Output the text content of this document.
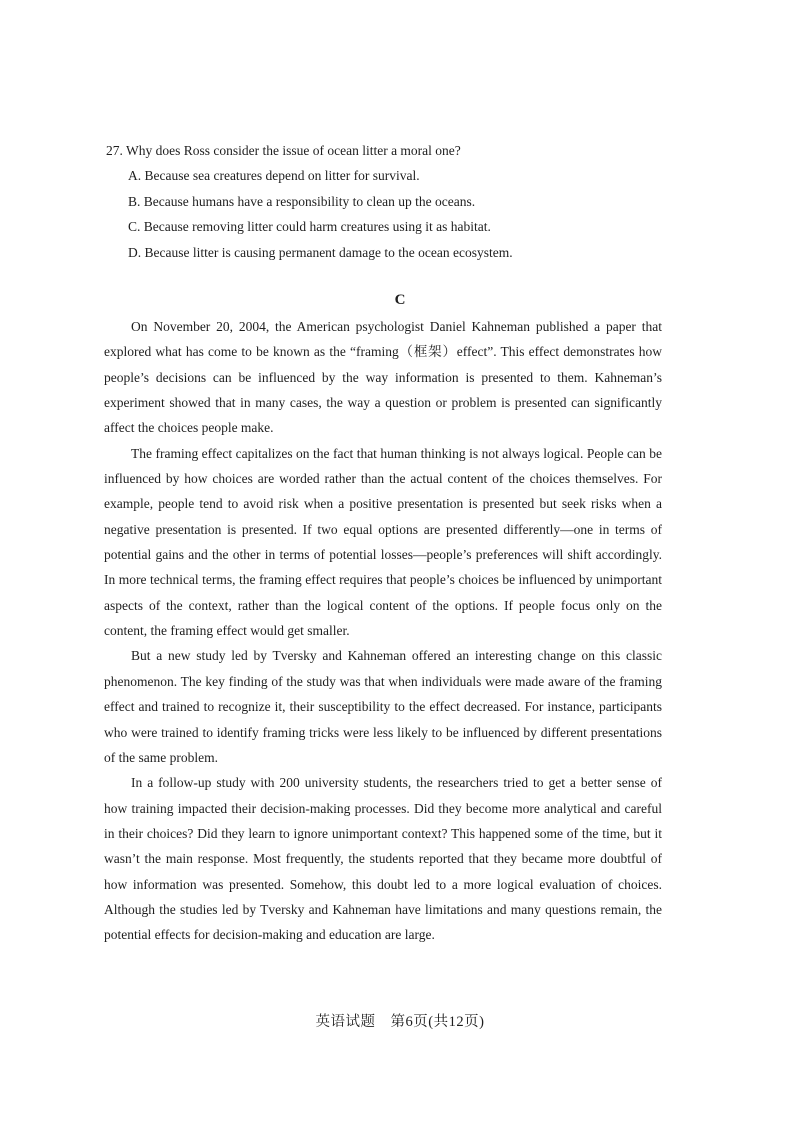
27. Why does Ross consider the issue of ocean litter a moral one?

A. Because sea creatures depend on litter for survival.
B. Because humans have a responsibility to clean up the oceans.
C. Because removing litter could harm creatures using it as habitat.
D. Because litter is causing permanent damage to the ocean ecosystem.
C

On November 20, 2004, the American psychologist Daniel Kahneman published a paper that explored what has come to be known as the “framing（框架）effect”. This effect demonstrates how people’s decisions can be influenced by the way information is presented to them. Kahneman’s experiment showed that in many cases, the way a question or problem is presented can significantly affect the choices people make.

The framing effect capitalizes on the fact that human thinking is not always logical. People can be influenced by how choices are worded rather than the actual content of the choices themselves. For example, people tend to avoid risk when a positive presentation is presented but seek risks when a negative presentation is presented. If two equal options are presented differently—one in terms of potential gains and the other in terms of potential losses—people’s preferences will shift accordingly. In more technical terms, the framing effect requires that people’s choices be influenced by unimportant aspects of the context, rather than the logical content of the options. If people focus only on the content, the framing effect would get smaller.

But a new study led by Tversky and Kahneman offered an interesting change on this classic phenomenon. The key finding of the study was that when individuals were made aware of the framing effect and trained to recognize it, their susceptibility to the effect decreased. For instance, participants who were trained to identify framing tricks were less likely to be influenced by different presentations of the same problem.

In a follow-up study with 200 university students, the researchers tried to get a better sense of how training impacted their decision-making processes. Did they become more analytical and careful in their choices? Did they learn to ignore unimportant context? This happened some of the time, but it wasn’t the main response. Most frequently, the students reported that they became more doubtful of how information was presented. Somehow, this doubt led to a more logical evaluation of choices. Although the studies led by Tversky and Kahneman have limitations and many questions remain, the potential effects for decision-making and education are large.

英语试题　第6页(共12页)
